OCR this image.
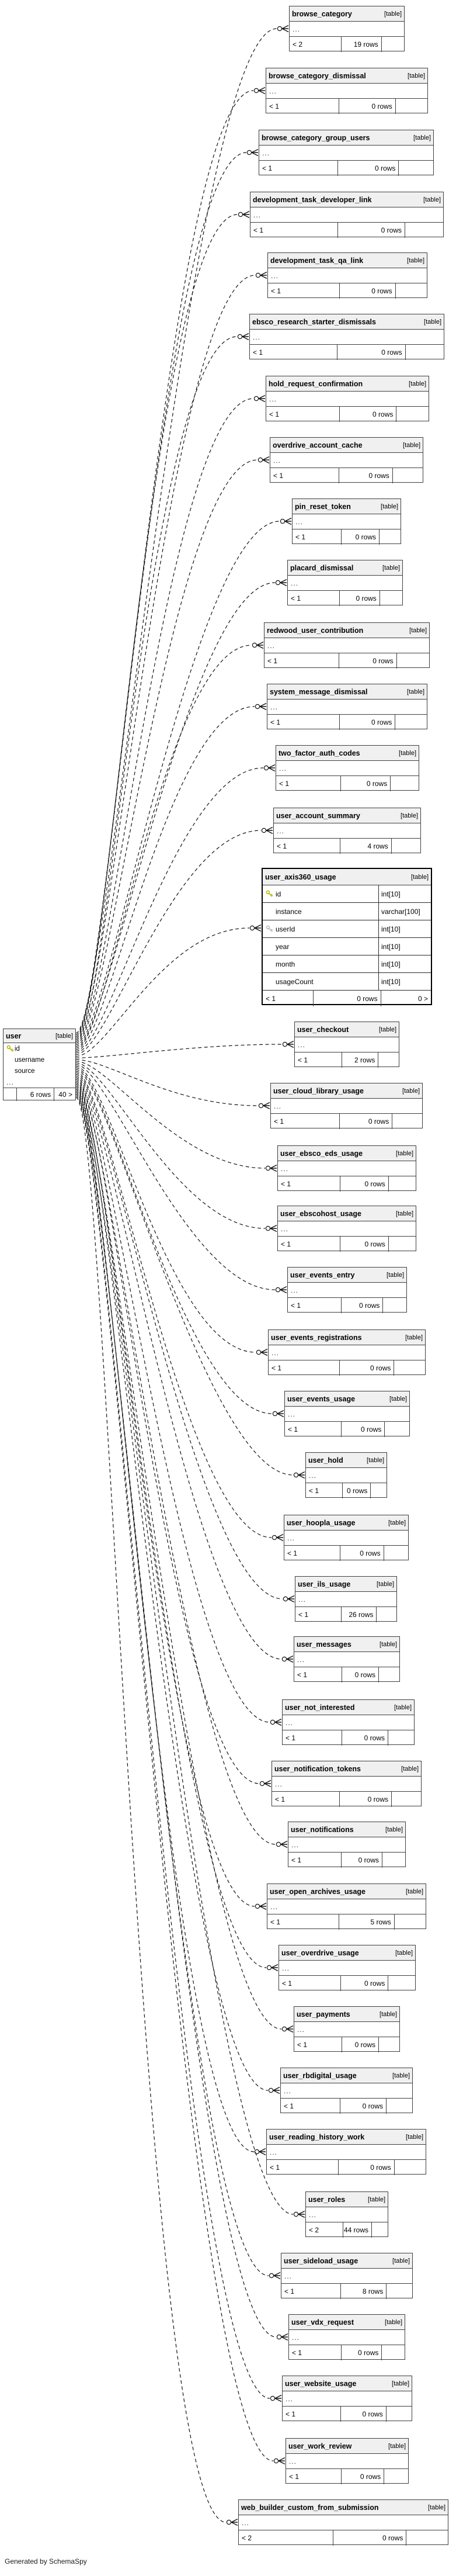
user	[table]
id
username
source
...
6 rows	40 >
user_axis360_usage	[table]
id	int[10]
instance	varchar[100]
userId	int[10]
year	int[10]
month	int[10]
usageCount	int[10]
< 1	0 rows	0 >
Generated by SchemaSpy
browse_category	[table]
...
< 2	19 rows
browse_category_dismissal	[table]
...
< 1	0 rows
browse_category_group_users	[table]
...
< 1	0 rows
development_task_developer_link	[table]
...
< 1	0 rows
development_task_qa_link	[table]
...
< 1	0 rows
ebsco_research_starter_dismissals	[table]
...
< 1	0 rows
hold_request_confirmation	[table]
...
< 1	0 rows
overdrive_account_cache	[table]
...
< 1	0 rows
pin_reset_token	[table]
...
< 1	0 rows
placard_dismissal	[table]
...
< 1	0 rows
redwood_user_contribution	[table]
...
< 1	0 rows
system_message_dismissal	[table]
...
< 1	0 rows
two_factor_auth_codes	[table]
...
< 1	0 rows
user_account_summary	[table]
...
< 1	4 rows
user_checkout	[table]
...
< 1	2 rows
user_cloud_library_usage	[table]
...
< 1	0 rows
user_ebsco_eds_usage	[table]
...
< 1	0 rows
user_ebscohost_usage	[table]
...
< 1	0 rows
user_events_entry	[table]
...
< 1	0 rows
user_events_registrations	[table]
...
< 1	0 rows
user_events_usage	[table]
...
< 1	0 rows
user_hold	[table]
...
< 1	0 rows
user_hoopla_usage	[table]
...
< 1	0 rows
user_ils_usage	[table]
...
< 1	26 rows
user_messages	[table]
...
< 1	0 rows
user_not_interested	[table]
...
< 1	0 rows
user_notification_tokens	[table]
...
< 1	0 rows
user_notifications	[table]
...
< 1	0 rows
user_open_archives_usage	[table]
...
< 1	5 rows
user_overdrive_usage	[table]
...
< 1	0 rows
user_payments	[table]
...
< 1	0 rows
user_rbdigital_usage	[table]
...
< 1	0 rows
user_reading_history_work	[table]
...
< 1	0 rows
user_roles	[table]
...
< 2	44 rows
user_sideload_usage	[table]
...
< 1	8 rows
user_vdx_request	[table]
...
< 1	0 rows
user_website_usage	[table]
...
< 1	0 rows
user_work_review	[table]
...
< 1	0 rows
web_builder_custom_from_submission	[table]
...
< 2	0 rows
